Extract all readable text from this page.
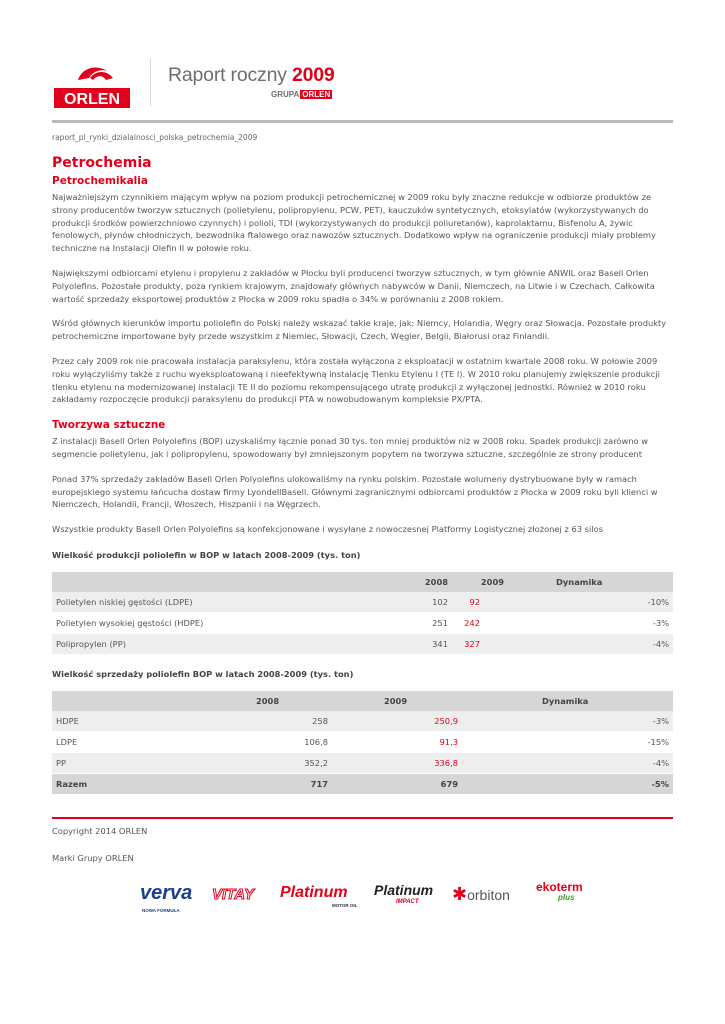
ORLEN
Raport roczny 2009
GRUPA ORLEN
raport_pl_rynki_dzialalnosci_polska_petrochemia_2009
Petrochemia
Petrochemikalia

Najważniejszym czynnikiem mającym wpływ na poziom produkcji petrochemicznej w 2009 roku były znaczne redukcje w odbiorze produktów ze strony producentów tworzyw sztucznych (polietylenu, polipropylenu, PCW, PET), kauczuków syntetycznych, etoksylatów (wykorzystywanych do produkcji środków powierzchniowo czynnych) i polioli, TDI (wykorzystywanych do produkcji poliuretanów), kaprolaktamu, Bisfenolu A, żywic fenolowych, płynów chłodniczych, bezwodnika ftalowego oraz nawozów sztucznych. Dodatkowo wpływ na ograniczenie produkcji miały problemy techniczne na Instalacji Olefin II w połowie roku.

Największymi odbiorcami etylenu i propylenu z zakładów w Płocku byli producenci tworzyw sztucznych, w tym głównie ANWIL oraz Basell Orlen Polyolefins. Pozostałe produkty, poza rynkiem krajowym, znajdowały głównych nabywców w Danii, Niemczech, na Litwie i w Czechach. Całkowita wartość sprzedaży eksportowej produktów z Płocka w 2009 roku spadła o 34% w porównaniu z 2008 rokiem.

Wśród głównych kierunków importu poliolefin do Polski należy wskazać takie kraje, jak: Niemcy, Holandia, Węgry oraz Słowacja. Pozostałe produkty petrochemiczne importowane były przede wszystkim z Niemiec, Słowacji, Czech, Węgier, Belgii, Białorusi oraz Finlandii.

Przez cały 2009 rok nie pracowała instalacja paraksylenu, która została wyłączona z eksploatacji w ostatnim kwartale 2008 roku. W połowie 2009 roku wyłączyliśmy także z ruchu wyeksploatowaną i nieefektywną instalację Tlenku Etylenu I (TE I). W 2010 roku planujemy zwiększenie produkcji tlenku etylenu na modernizowanej instalacji TE II do poziomu rekompensującego utratę produkcji z wyłączonej jednostki. Również w 2010 roku zakładamy rozpoczęcie produkcji paraksylenu do produkcji PTA w nowobudowanym kompleksie PX/PTA.

Tworzywa sztuczne

Z instalacji Basell Orlen Polyolefins (BOP) uzyskaliśmy łącznie ponad 30 tys. ton mniej produktów niż w 2008 roku. Spadek produkcji zarówno w segmencie polietylenu, jak i polipropylenu, spowodowany był zmniejszonym popytem na tworzywa sztuczne, szczególnie ze strony producent

Ponad 37% sprzedaży zakładów Basell Orlen Polyolefins ulokowaliśmy na rynku polskim. Pozostałe wolumeny dystrybuowane były w ramach europejskiego systemu łańcucha dostaw firmy LyondellBasell. Głównymi zagranicznymi odbiorcami produktów z Płocka w 2009 roku byli klienci w Niemczech, Holandii, Francji, Włoszech, Hiszpanii i na Węgrzech.

Wszystkie produkty Basell Orlen Polyolefins są konfekcjonowane i wysyłane z nowoczesnej Platformy Logistycznej złożonej z 63 silos

Wielkość produkcji poliolefin w BOP w latach 2008-2009 (tys. ton)
	2008	2009	Dynamika
Polietylen niskiej gęstości (LDPE)	102	92	-10%
Polietylen wysokiej gęstości (HDPE)	251	242	-3%
Polipropylen (PP)	341	327	-4%
Wielkość sprzedaży poliolefin BOP w latach 2008-2009 (tys. ton)
	2008	2009	Dynamika
HDPE	258	250,9	-3%
LDPE	106,8	91,3	-15%
PP	352,2	336,8	-4%
Razem	717	679	-5%
Copyright 2014 ORLEN
Marki Grupy ORLEN
verva
NOWA FORMUŁA
VITAY Platinum
MOTOR OIL
Platinum
IMPACT ✱orbiton ekoterm
plus
